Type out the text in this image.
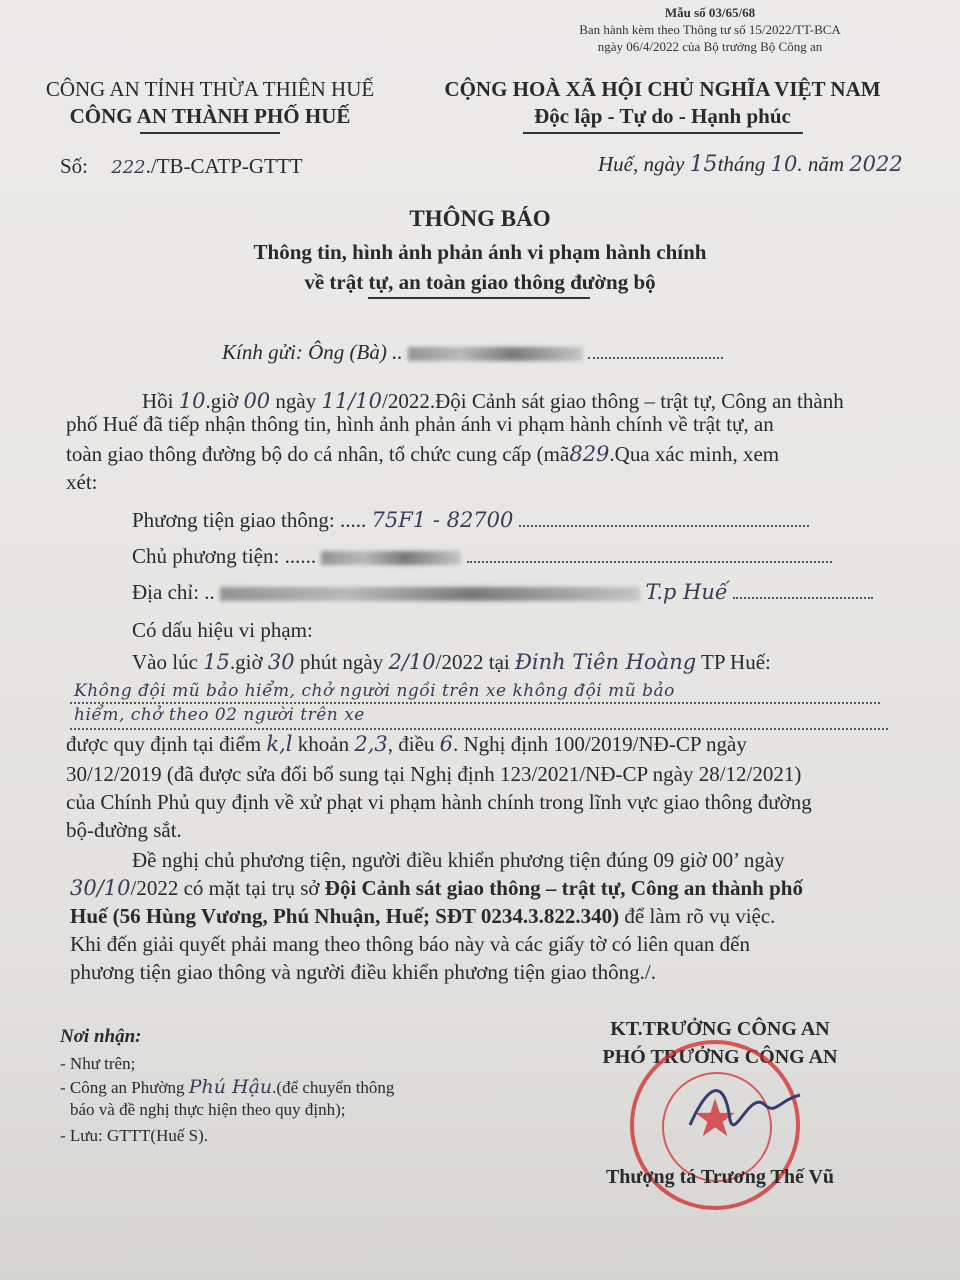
Mẫu số 03/65/68
Ban hành kèm theo Thông tư số 15/2022/TT-BCA
ngày 06/4/2022 của Bộ trưởng Bộ Công an
CÔNG AN TỈNH THỪA THIÊN HUẾ
CÔNG AN THÀNH PHỐ HUẾ
CỘNG HOÀ XÃ HỘI CHỦ NGHĨA VIỆT NAM
Độc lập - Tự do - Hạnh phúc
Số: 222./TB-CATP-GTTT	Huế, ngày 15tháng 10. năm 2022
THÔNG BÁO
Thông tin, hình ảnh phản ánh vi phạm hành chính
về trật tự, an toàn giao thông đường bộ
Kính gửi: Ông (Bà) ..
Hồi 10.giờ 00 ngày 11/10/2022.Đội Cảnh sát giao thông – trật tự, Công an thành
phố Huế đã tiếp nhận thông tin, hình ảnh phản ánh vi phạm hành chính về trật tự, an
toàn giao thông đường bộ do cá nhân, tổ chức cung cấp (mã829.Qua xác minh, xem
xét:
Phương tiện giao thông: ..... 75F1 - 82700
Chủ phương tiện: ......
Địa chỉ: ..	T.p Huế
Có dấu hiệu vi phạm:
Vào lúc 15.giờ 30 phút ngày 2/10/2022 tại Đinh Tiên Hoàng TP Huế:
Không đội mũ bảo hiểm, chở người ngồi trên xe không đội mũ bảo
hiểm, chở theo 02 người trên xe
được quy định tại điểm k,l khoản 2,3, điều 6. Nghị định 100/2019/NĐ-CP ngày
30/12/2019 (đã được sửa đổi bổ sung tại Nghị định 123/2021/NĐ-CP ngày 28/12/2021)
của Chính Phủ quy định về xử phạt vi phạm hành chính trong lĩnh vực giao thông đường
bộ-đường sắt.
Đề nghị chủ phương tiện, người điều khiển phương tiện đúng 09 giờ 00’ ngày
30/10/2022 có mặt tại trụ sở Đội Cảnh sát giao thông – trật tự, Công an thành phố
Huế (56 Hùng Vương, Phú Nhuận, Huế; SĐT 0234.3.822.340) để làm rõ vụ việc.
Khi đến giải quyết phải mang theo thông báo này và các giấy tờ có liên quan đến
phương tiện giao thông và người điều khiển phương tiện giao thông./.
Nơi nhận:
- Như trên;
- Công an Phường Phú Hậu.(để chuyển thông
báo và đề nghị thực hiện theo quy định);
- Lưu: GTTT(Huế S).
KT.TRƯỞNG CÔNG AN
PHÓ TRƯỞNG CÔNG AN
★
Thượng tá Trương Thế Vũ
